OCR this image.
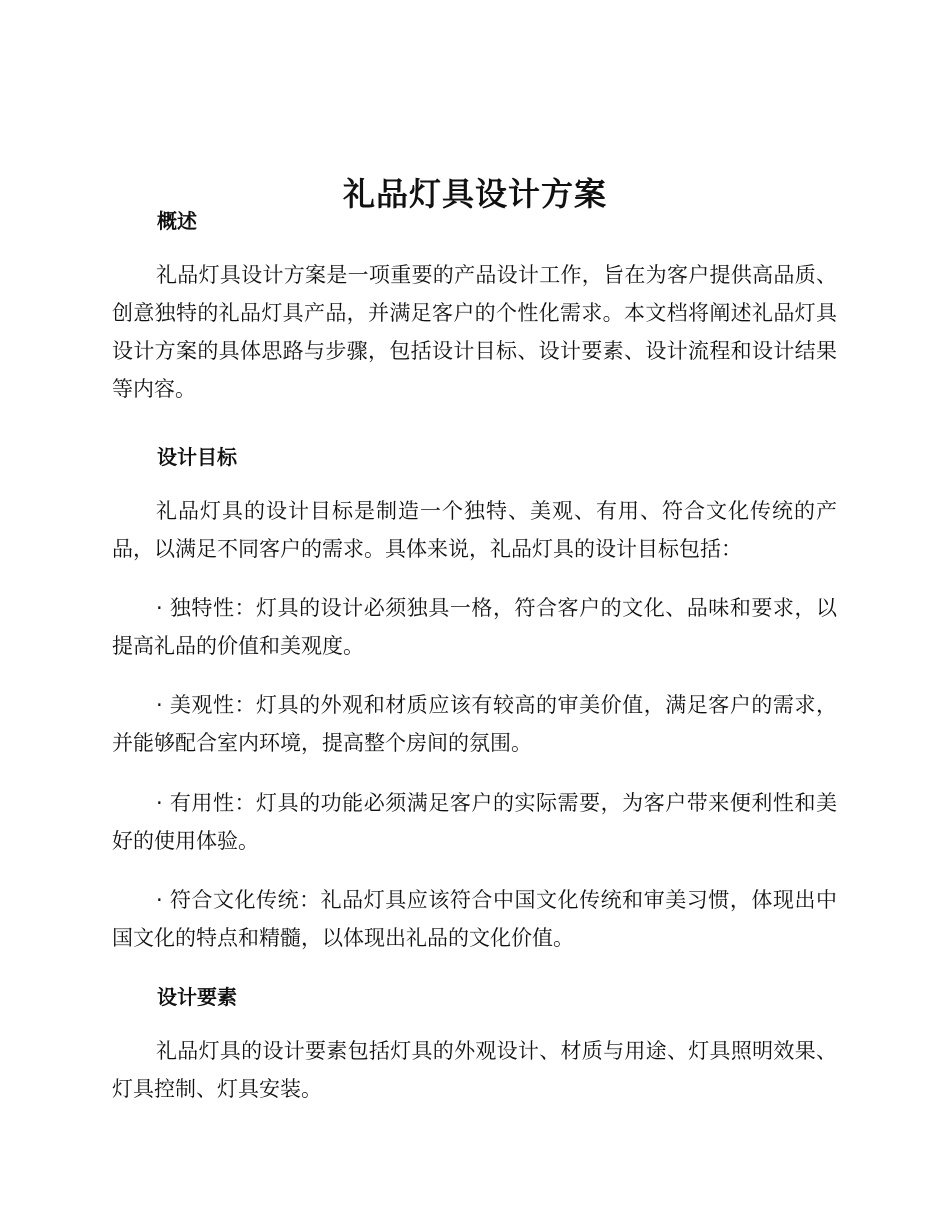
礼品灯具设计方案
概述

礼品灯具设计方案是一项重要的产品设计工作，旨在为客户提供高品质、创意独特的礼品灯具产品，并满足客户的个性化需求。本文档将阐述礼品灯具设计方案的具体思路与步骤，包括设计目标、设计要素、设计流程和设计结果等内容。

设计目标

礼品灯具的设计目标是制造一个独特、美观、有用、符合文化传统的产品，以满足不同客户的需求。具体来说，礼品灯具的设计目标包括：

· 独特性：灯具的设计必须独具一格，符合客户的文化、品味和要求，以提高礼品的价值和美观度。

· 美观性：灯具的外观和材质应该有较高的审美价值，满足客户的需求，并能够配合室内环境，提高整个房间的氛围。

· 有用性：灯具的功能必须满足客户的实际需要，为客户带来便利性和美好的使用体验。

· 符合文化传统：礼品灯具应该符合中国文化传统和审美习惯，体现出中国文化的特点和精髓，以体现出礼品的文化价值。

设计要素

礼品灯具的设计要素包括灯具的外观设计、材质与用途、灯具照明效果、灯具控制、灯具安装。
